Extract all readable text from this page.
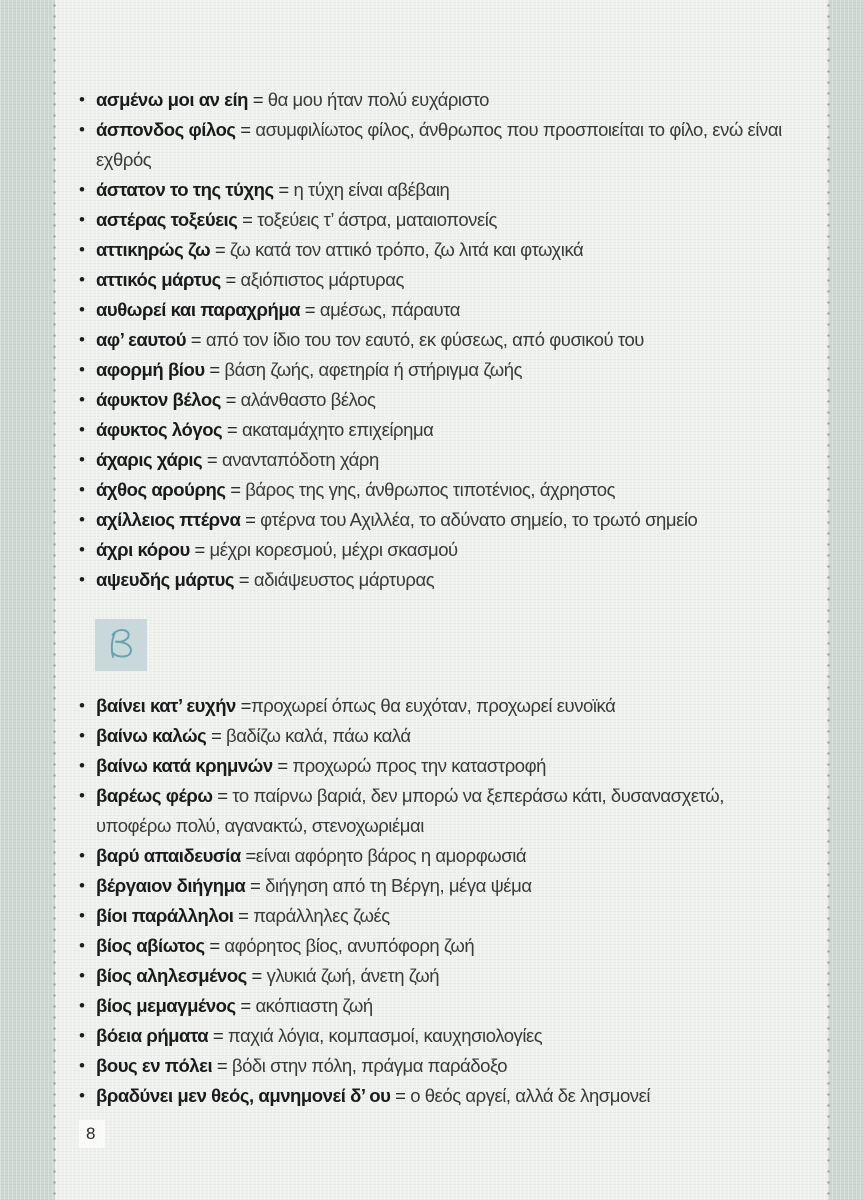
• ασμένω μοι αν είη = θα μου ήταν πολύ ευχάριστο
• άσπονδος φίλος = ασυμφιλίωτος φίλος, άνθρωπος που προσποιείται το φίλο, ενώ είναι
εχθρός
• άστατον το της τύχης = η τύχη είναι αβέβαιη
• αστέρας τοξεύεις = τοξεύεις τ’ άστρα, ματαιοπονείς
• αττικηρώς ζω = ζω κατά τον αττικό τρόπο, ζω λιτά και φτωχικά
• αττικός μάρτυς = αξιόπιστος μάρτυρας
• αυθωρεί και παραχρήμα = αμέσως, πάραυτα
• αφ’ εαυτού = από τον ίδιο του τον εαυτό, εκ φύσεως, από φυσικού του
• αφορμή βίου = βάση ζωής, αφετηρία ή στήριγμα ζωής
• άφυκτον βέλος = αλάνθαστο βέλος
• άφυκτος λόγος = ακαταμάχητο επιχείρημα
• άχαρις χάρις = ανανταπόδοτη χάρη
• άχθος αρούρης = βάρος της γης, άνθρωπος τιποτένιος, άχρηστος
• αχίλλειος πτέρνα = φτέρνα του Αχιλλέα, το αδύνατο σημείο, το τρωτό σημείο
• άχρι κόρου = μέχρι κορεσμού, μέχρι σκασμού
• αψευδής μάρτυς = αδιάψευστος μάρτυρας
• βαίνει κατ’ ευχήν =προχωρεί όπως θα ευχόταν, προχωρεί ευνοϊκά
• βαίνω καλώς = βαδίζω καλά, πάω καλά
• βαίνω κατά κρημνών = προχωρώ προς την καταστροφή
• βαρέως φέρω = το παίρνω βαριά, δεν μπορώ να ξεπεράσω κάτι, δυσανασχετώ,
υποφέρω πολύ, αγανακτώ, στενοχωριέμαι
• βαρύ απαιδευσία =είναι αφόρητο βάρος η αμορφωσιά
• βέργαιον διήγημα = διήγηση από τη Βέργη, μέγα ψέμα
• βίοι παράλληλοι = παράλληλες ζωές
• βίος αβίωτος = αφόρητος βίος, ανυπόφορη ζωή
• βίος αληλεσμένος = γλυκιά ζωή, άνετη ζωή
• βίος μεμαγμένος = ακόπιαστη ζωή
• βόεια ρήματα = παχιά λόγια, κομπασμοί, καυχησιολογίες
• βους εν πόλει = βόδι στην πόλη, πράγμα παράδοξο
• βραδύνει μεν θεός, αμνημονεί δ’ ου = ο θεός αργεί, αλλά δε λησμονεί
8
